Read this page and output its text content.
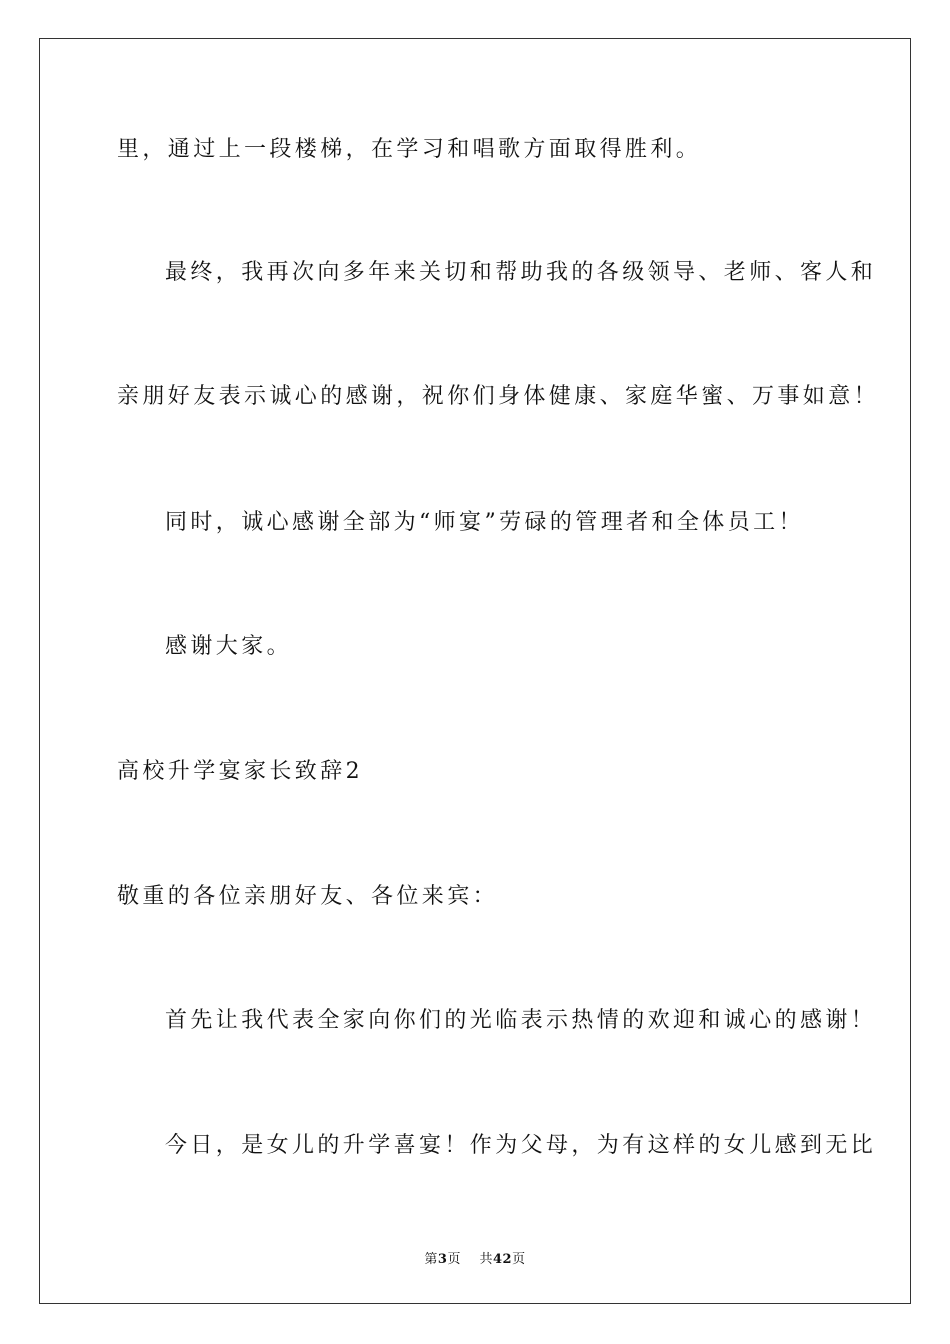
里，通过上一段楼梯，在学习和唱歌方面取得胜利。
最终，我再次向多年来关切和帮助我的各级领导、老师、客人和
亲朋好友表示诚心的感谢，祝你们身体健康、家庭华蜜、万事如意！
同时，诚心感谢全部为“师宴”劳碌的管理者和全体员工！
感谢大家。
高校升学宴家长致辞2
敬重的各位亲朋好友、各位来宾：
首先让我代表全家向你们的光临表示热情的欢迎和诚心的感谢！
今日，是女儿的升学喜宴！作为父母，为有这样的女儿感到无比
第3页 共42页
